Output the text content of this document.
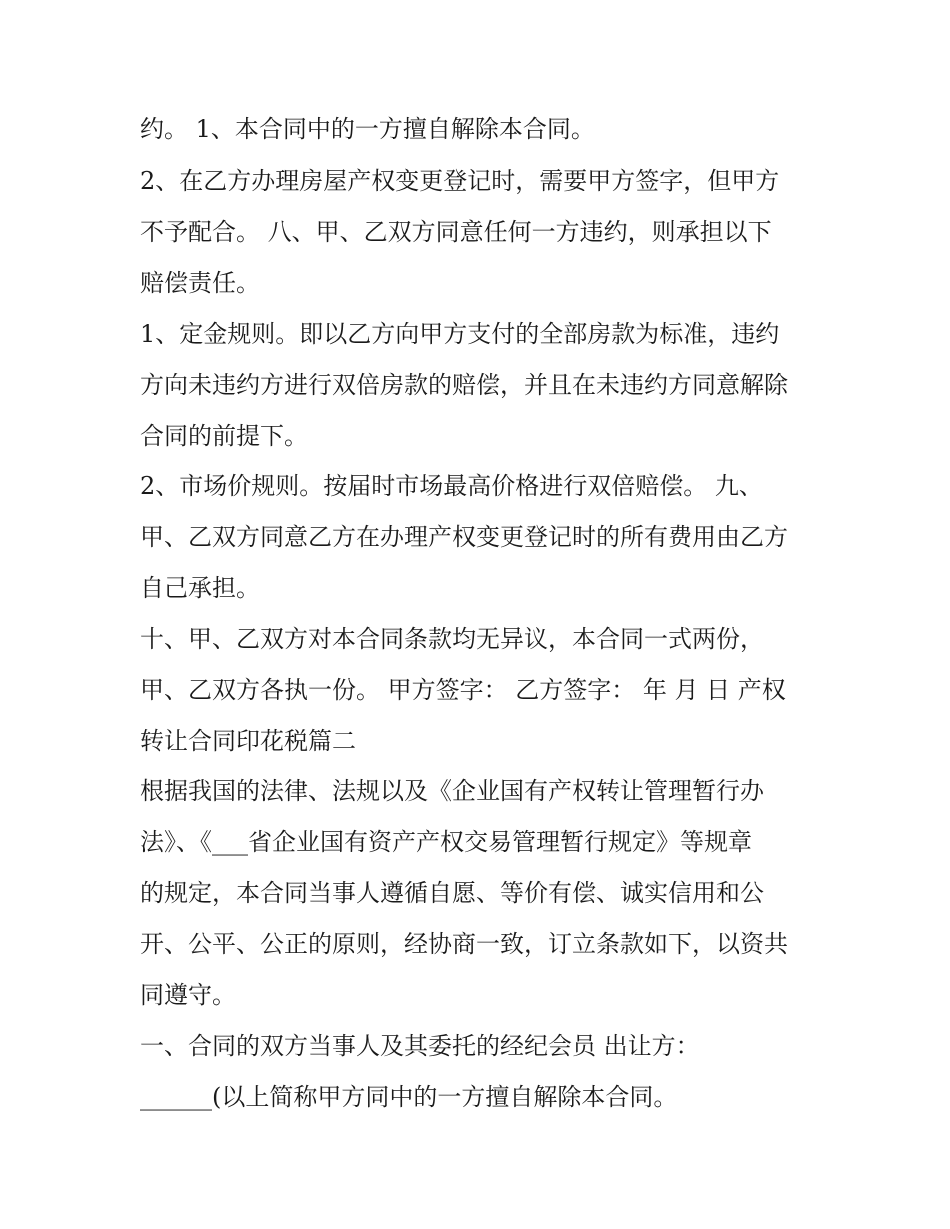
约。 1、本合同中的一方擅自解除本合同。
2、在乙方办理房屋产权变更登记时，需要甲方签字，但甲方
不予配合。 八、甲、乙双方同意任何一方违约，则承担以下
赔偿责任。
1、定金规则。即以乙方向甲方支付的全部房款为标准，违约
方向未违约方进行双倍房款的赔偿，并且在未违约方同意解除
合同的前提下。
2、市场价规则。按届时市场最高价格进行双倍赔偿。 九、
甲、乙双方同意乙方在办理产权变更登记时的所有费用由乙方
自己承担。
十、甲、乙双方对本合同条款均无异议，本合同一式两份，
甲、乙双方各执一份。 甲方签字： 乙方签字： 年 月 日 产权
转让合同印花税篇二
根据我国的法律、法规以及《企业国有产权转让管理暂行办
法》、《___省企业国有资产产权交易管理暂行规定》等规章
的规定，本合同当事人遵循自愿、等价有偿、诚实信用和公
开、公平、公正的原则，经协商一致，订立条款如下，以资共
同遵守。
一、合同的双方当事人及其委托的经纪会员 出让方：
______(以上简称甲方同中的一方擅自解除本合同。
